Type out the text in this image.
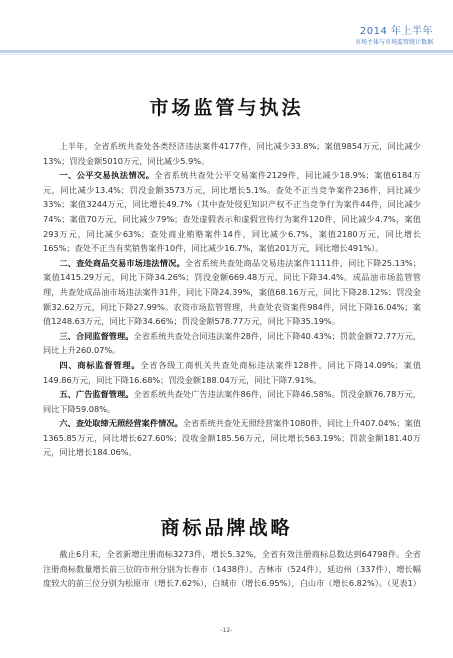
2014 年上半年
市场主体与市场监管统计数据
市场监管与执法

上半年，全省系统共查处各类经济违法案件4177件，同比减少33.8%；案值9854万元，同比减少13%；罚没金额5010万元，同比减少5.9%。

一、公平交易执法情况。全省系统共查处公平交易案件2129件，同比减少18.9%；案值6184万元，同比减少13.4%；罚没金额3573万元，同比增长5.1%。查处不正当竞争案件236件，同比减少33%；案值3244万元，同比增长49.7%（其中查处侵犯知识产权不正当竞争行为案件44件，同比减少74%；案值70万元，同比减少79%；查处虚假表示和虚假宣传行为案件120件，同比减少4.7%，案值293万元，同比减少63%；查处商业贿赂案件14件，同比减少6.7%，案值2180万元，同比增长165%；查处不正当有奖销售案件10件，同比减少16.7%，案值201万元，同比增长491%）。

二、查处商品交易市场违法情况。全省系统共查处商品交易违法案件1111件，同比下降25.13%；案值1415.29万元，同比下降34.26%；罚没金额669.48万元，同比下降34.4%。成品油市场监管管理，共查处成品油市场违法案件31件，同比下降24.39%，案值68.16万元，同比下降28.12%；罚没金额32.62万元，同比下降27.99%。农资市场监管管理，共查处农资案件984件，同比下降16.04%；案值1248.63万元，同比下降34.66%；罚没金额578.77万元，同比下降35.19%。

三、合同监督管理。全省系统共查处合同违法案件28件，同比下降40.43%；罚款金额72.77万元，同比上升260.07%。

四、商标监督管理。全省各级工商机关共查处商标违法案件128件，同比下降14.09%；案值149.86万元，同比下降16.68%；罚没金额188.04万元，同比下降7.91%。

五、广告监督管理。全省系统共查处广告违法案件86件，同比下降46.58%。罚没金额76.78万元，同比下降59.08%。

六、查处取缔无照经营案件情况。全省系统共查处无照经营案件1080件，同比上升407.04%；案值1365.85万元，同比增长627.60%；没收金额185.56万元，同比增长563.19%；罚款金额181.40万元，同比增长184.06%。

商标品牌战略

截止6月末，全省新增注册商标3273件，增长5.32%，全省有效注册商标总数达到64798件。全省注册商标数量增长前三位的市州分别为长春市（1438件），吉林市（524件），延边州（337件），增长幅度较大的前三位分别为松原市（增长7.62%），白城市（增长6.95%），白山市（增长6.82%）。（见表1）

-12-
